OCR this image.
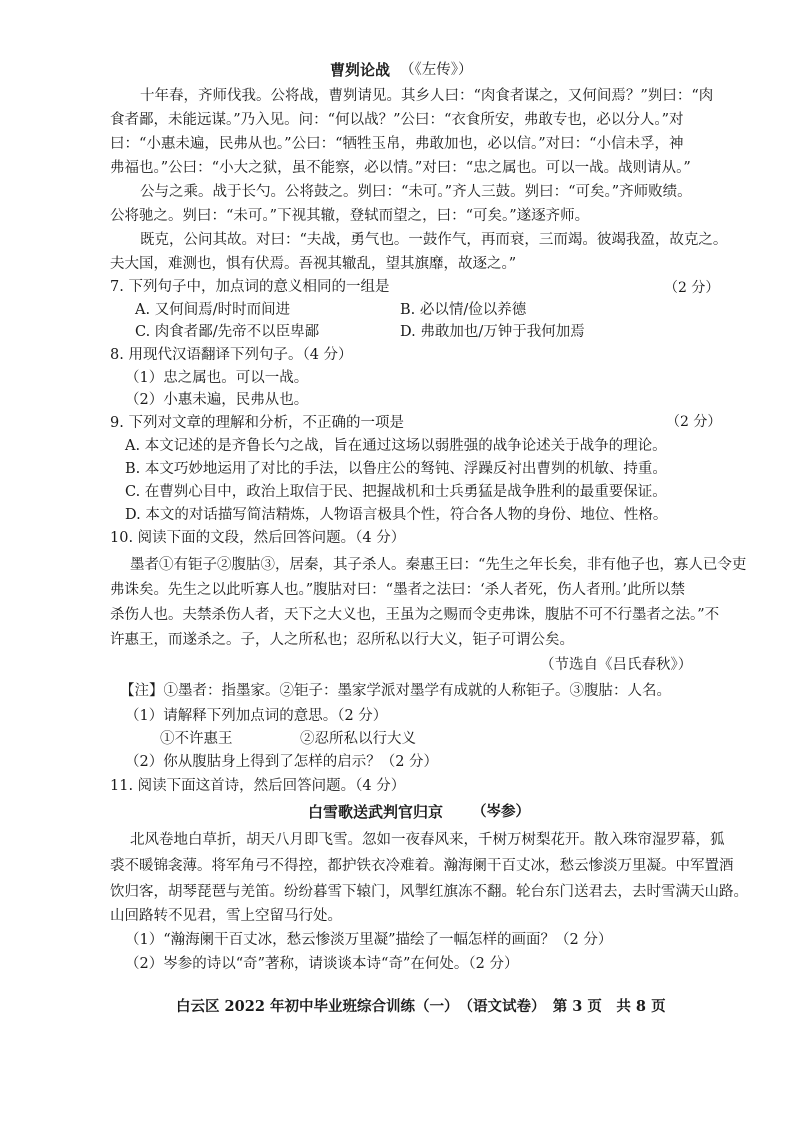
曹刿论战 （《左传》）
十年春，齐师伐我。公将战，曹刿请见。其乡人曰：“肉食者谋之，又何间焉？”刿曰：“肉
食者鄙，未能远谋。”乃入见。问：“何以战？”公曰：“衣食所安，弗敢专也，必以分人。”对
曰：“小惠未遍，民弗从也。”公曰：“牺牲玉帛，弗敢加也，必以信。”对曰：“小信未孚，神
弗福也。”公曰：“小大之狱，虽不能察，必以情。”对曰：“忠之属也。可以一战。战则请从。”
公与之乘。战于长勺。公将鼓之。刿曰：“未可。”齐人三鼓。刿曰：“可矣。”齐师败绩。
公将驰之。刿曰：“未可。”下视其辙，登轼而望之，曰：“可矣。”遂逐齐师。
既克，公问其故。对曰：“夫战，勇气也。一鼓作气，再而衰，三而竭。彼竭我盈，故克之。
夫大国，难测也，惧有伏焉。吾视其辙乱，望其旗靡，故逐之。”
7. 下列句子中，加点词的意义相同的一组是	（2 分）
A. 又何间焉/时时而间进	B. 必以情/俭以养德
C. 肉食者鄙/先帝不以臣卑鄙	D. 弗敢加也/万钟于我何加焉
8. 用现代汉语翻译下列句子。（4 分）
（1）忠之属也。可以一战。
（2）小惠未遍，民弗从也。
9. 下列对文章的理解和分析，不正确的一项是	（2 分）
A. 本文记述的是齐鲁长勺之战，旨在通过这场以弱胜强的战争论述关于战争的理论。
B. 本文巧妙地运用了对比的手法，以鲁庄公的驽钝、浮躁反衬出曹刿的机敏、持重。
C. 在曹刿心目中，政治上取信于民、把握战机和士兵勇猛是战争胜利的最重要保证。
D. 本文的对话描写简洁精炼，人物语言极具个性，符合各人物的身份、地位、性格。
10. 阅读下面的文段，然后回答问题。（4 分）
墨者①有钜子②腹𦙶③，居秦，其子杀人。秦惠王曰：“先生之年长矣，非有他子也，寡人已令吏
弗诛矣。先生之以此听寡人也。”腹𦙶对曰：“墨者之法曰：‘杀人者死，伤人者刑。’此所以禁
杀伤人也。夫禁杀伤人者，天下之大义也，王虽为之赐而令吏弗诛，腹𦙶不可不行墨者之法。”不
许惠王，而遂杀之。子，人之所私也；忍所私以行大义，钜子可谓公矣。
（节选自《吕氏春秋》）
【注】①墨者：指墨家。②钜子：墨家学派对墨学有成就的人称钜子。③腹𦙶：人名。
（1）请解释下列加点词的意思。（2 分）
①不许惠王	②忍所私以行大义
（2）你从腹𦙶身上得到了怎样的启示？（2 分）
11. 阅读下面这首诗，然后回答问题。（4 分）
白雪歌送武判官归京 （岑参）
北风卷地白草折，胡天八月即飞雪。忽如一夜春风来，千树万树梨花开。散入珠帘湿罗幕，狐
裘不暖锦衾薄。将军角弓不得控，都护铁衣冷难着。瀚海阑干百丈冰，愁云惨淡万里凝。中军置酒
饮归客，胡琴琵琶与羌笛。纷纷暮雪下辕门，风掣红旗冻不翻。轮台东门送君去，去时雪满天山路。
山回路转不见君，雪上空留马行处。
（1）“瀚海阑干百丈冰，愁云惨淡万里凝”描绘了一幅怎样的画面？（2 分）
（2）岑参的诗以“奇”著称，请谈谈本诗“奇”在何处。（2 分）
白云区 2022 年初中毕业班综合训练（一）　（语文试卷）　第 3 页　共 8 页
